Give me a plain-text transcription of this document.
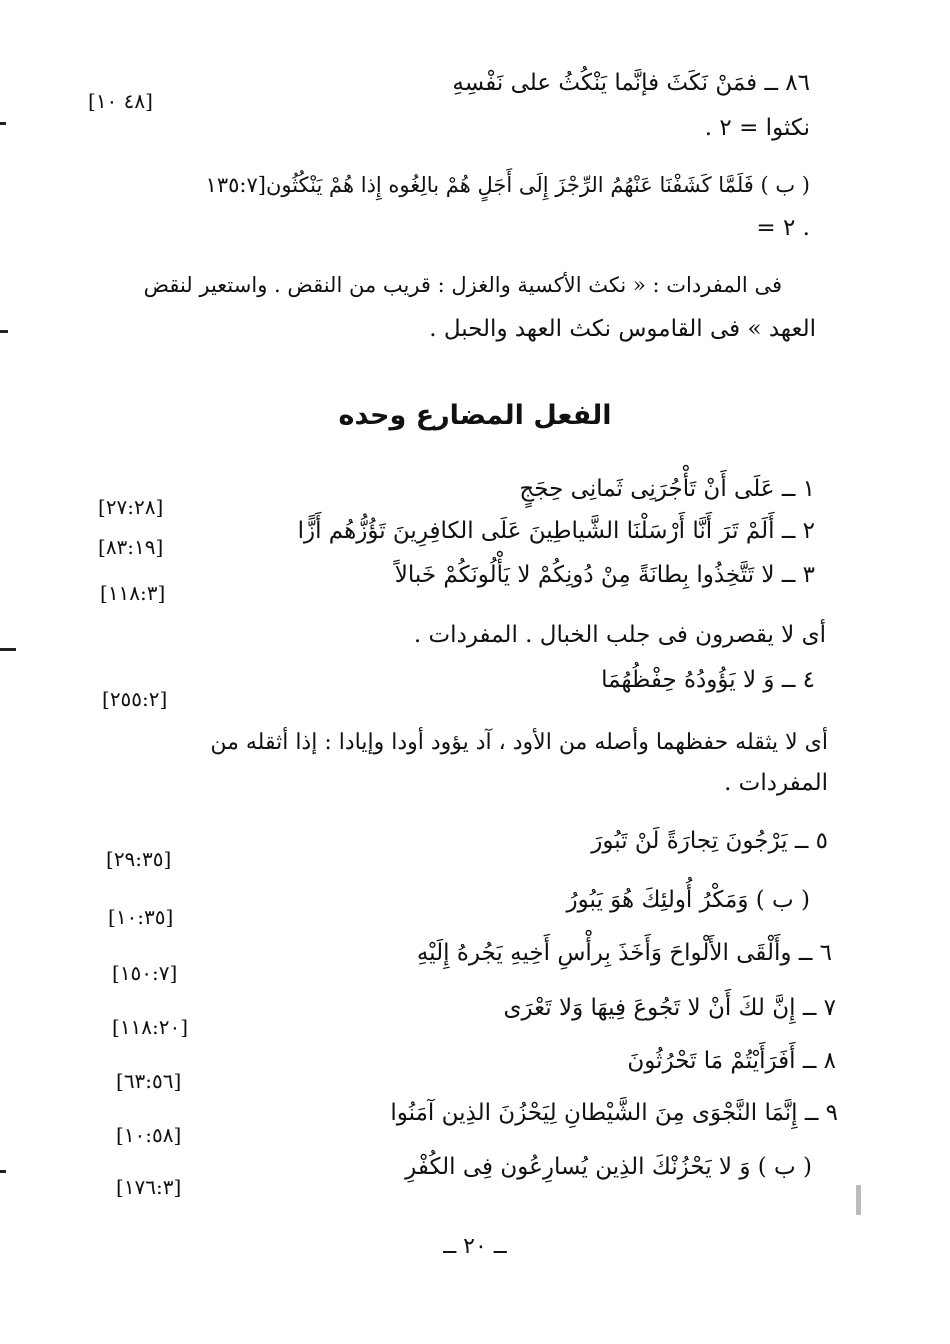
٨٦ ــ فمَنْ نَكَثَ فإنَّما يَنْكُثُ على نَفْسِهِ
[٤٨ ١٠]
نكثوا = ٢ .
( ب ) فَلَمَّا كَشَفْنَا عَنْهُمُ الرِّجْزَ إِلَى أَجَلٍ هُمْ بالِغُوه إِذا هُمْ يَنْكُثُون[١٣٥:٧
= ٢ .
فى المفردات : « نكث الأكسية والغزل : قريب من النقض . واستعير لنقض
العهد » فى القاموس نكث العهد والحبل .
الفعل المضارع وحده
١ ــ عَلَى أَنْ تَأْجُرَنِى ثَمانِى حِجَجٍ
[٢٧:٢٨]
٢ ــ أَلَمْ تَرَ أَنَّا أَرْسَلْنَا الشَّياطِينَ عَلَى الكافِرِينَ تَؤُزُّهُم أَزًّا
[٨٣:١٩]
٣ ــ لا تَتَّخِذُوا بِطانَةً مِنْ دُونِكُمْ لا يَأْلُونَكُمْ خَبالاً
[١١٨:٣]
أى لا يقصرون فى جلب الخبال . المفردات .
٤ ــ وَ لا يَؤُودُهُ حِفْظُهُمَا
[٢٥٥:٢]
أى لا يثقله حفظهما وأصله من الأود ، آد يؤود أودا وإيادا : إذا أثقله من
المفردات .
٥ ــ يَرْجُونَ تِجارَةً لَنْ تَبُورَ
[٢٩:٣٥]
( ب ) وَمَكْرُ أُولئِكَ هُوَ يَبُورُ
[١٠:٣٥]
٦ ــ وأَلْقَى الأَلْواحَ وَأَخَذَ بِرأْسِ أَخِيهِ يَجُرهُ إِلَيْهِ
[١٥٠:٧]
٧ ــ إِنَّ لكَ أَنْ لا تَجُوعَ فِيهَا وَلا تَعْرَى
[١١٨:٢٠]
٨ ــ أَفَرَأَيْتُمْ مَا تَحْرُثُونَ
[٦٣:٥٦]
٩ ــ إِنَّمَا النَّجْوَى مِنَ الشَّيْطانِ لِيَحْزُنَ الذِين آمَنُوا
[١٠:٥٨]
( ب ) وَ لا يَحْزُنْكَ الذِين يُسارِعُون فِى الكُفْرِ
[١٧٦:٣]
ــ ٢٠ ــ
